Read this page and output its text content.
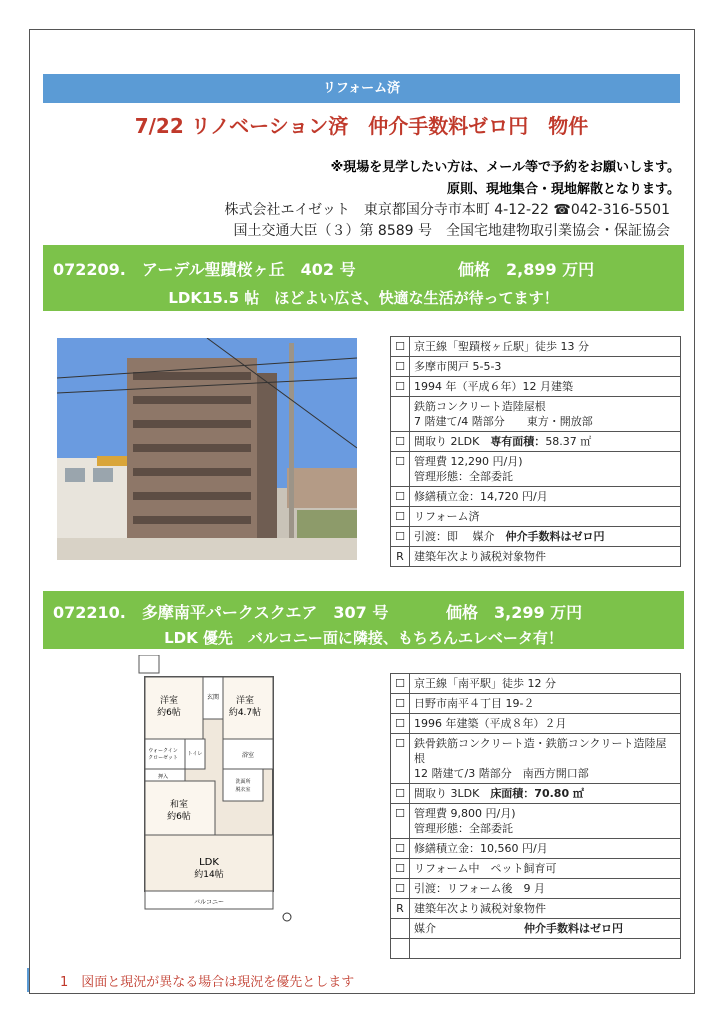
リフォーム済
7/22 リノベーション済　仲介手数料ゼロ円　物件
※現場を見学したい方は、メール等で予約をお願いします。
原則、現地集合・現地解散となります。
株式会社エイゼット　東京都国分寺市本町 4-12-22 ☎042-316-5501
国土交通大臣（３）第 8589 号　全国宅地建物取引業協会・保証協会
072209.　アーデル聖蹟桜ヶ丘　402 号	価格　2,899 万円
LDK15.5 帖　ほどよい広さ、快適な生活が待ってます！
☐	京王線「聖蹟桜ヶ丘駅」徒歩 13 分
☐	多摩市関戸 5-5-3
☐	1994 年（平成６年）12 月建築

	鉄筋コンクリート造陸屋根
7 階建て/4 階部分　　東方・開放部

☐	間取り 2LDK　専有面積：58.37 ㎡
☐	管理費 12,290 円/月)
管理形態：全部委託

☐	修繕積立金：14,720 円/月
☐	リフォーム済
☐	引渡：即　 媒介　仲介手数料はゼロ円
R	建築年次より減税対象物件
072210.　多摩南平パークスクエア　307 号	価格　3,299 万円
LDK 優先　バルコニー面に隣接、もちろんエレベータ有！
洋室
約6帖
洋室
約4.7帖
玄関
ウォークイン
クローゼット
トイレ
押入
浴室
洗面所
脱衣室
和室
約6帖
LDK
約14帖
バルコニー
☐	京王線「南平駅」徒歩 12 分
☐	日野市南平４丁目 19-２
☐	1996 年建築（平成８年）２月
☐	鉄骨鉄筋コンクリート造・鉄筋コンクリート造陸屋根
12 階建て/3 階部分　南西方開口部

☐	間取り 3LDK　床面積：70.80 ㎡
☐	管理費 9,800 円/月)
管理形態：全部委託

☐	修繕積立金：10,560 円/月
☐	リフォーム中　ペット飼育可
☐	引渡：リフォーム後　9 月
R	建築年次より減税対象物件
	媒介　　　　　　　　仲介手数料はゼロ円

1　図面と現況が異なる場合は現況を優先とします
